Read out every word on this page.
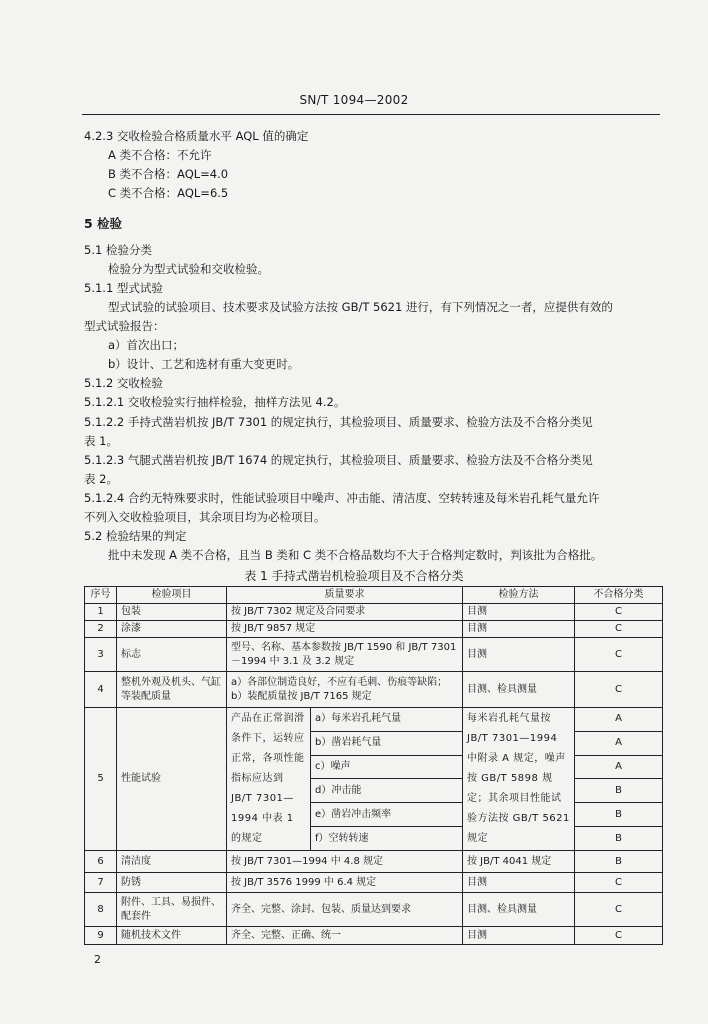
SN/T 1094—2002
4.2.3 交收检验合格质量水平 AQL 值的确定
A 类不合格：不允许
B 类不合格：AQL=4.0
C 类不合格：AQL=6.5
5 检验
5.1 检验分类
检验分为型式试验和交收检验。
5.1.1 型式试验
型式试验的试验项目、技术要求及试验方法按 GB/T 5621 进行，有下列情况之一者，应提供有效的
型式试验报告：
a）首次出口；
b）设计、工艺和选材有重大变更时。
5.1.2 交收检验
5.1.2.1 交收检验实行抽样检验，抽样方法见 4.2。
5.1.2.2 手持式凿岩机按 JB/T 7301 的规定执行，其检验项目、质量要求、检验方法及不合格分类见
表 1。
5.1.2.3 气腿式凿岩机按 JB/T 1674 的规定执行，其检验项目、质量要求、检验方法及不合格分类见
表 2。
5.1.2.4 合约无特殊要求时，性能试验项目中噪声、冲击能、清洁度、空转转速及每米岩孔耗气量允许
不列入交收检验项目，其余项目均为必检项目。
5.2 检验结果的判定
批中未发现 A 类不合格，且当 B 类和 C 类不合格品数均不大于合格判定数时，判该批为合格批。
表 1 手持式凿岩机检验项目及不合格分类
序号	检验项目	质量要求		检验方法	不合格分类
1	包装	按 JB/T 7302 规定及合同要求		目测	C
2	涂漆	按 JB/T 9857 规定		目测	C
3	标志	型号、名称、基本参数按 JB/T 1590 和 JB/T 7301－1994 中 3.1 及 3.2 规定		目测	C
4	整机外观及机头、气缸等装配质量	a）各部位制造良好，不应有毛刺、伤痕等缺陷；
b）装配质量按 JB/T 7165 规定		目测、检具测量	C
5	性能试验	产品在正常润滑条件下，运转应正常，各项性能指标应达到 JB/T 7301—1994 中表 1 的规定	a）每米岩孔耗气量	每米岩孔耗气量按 JB/T 7301—1994 中附录 A 规定，噪声按 GB/T 5898 规定；其余项目性能试验方法按 GB/T 5621 规定	A
			b）凿岩耗气量		A
			c）噪声		A
			d）冲击能		B
			e）凿岩冲击频率		B
			f）空转转速		B
6	清洁度	按 JB/T 7301—1994 中 4.8 规定		按 JB/T 4041 规定	B
7	防锈	按 JB/T 3576 1999 中 6.4 规定		目测	C
8	附件、工具、易损件、配套件	齐全、完整、涂封、包装、质量达到要求		目测、检具测量	C
9	随机技术文件	齐全、完整、正确、统一		目测	C
2
